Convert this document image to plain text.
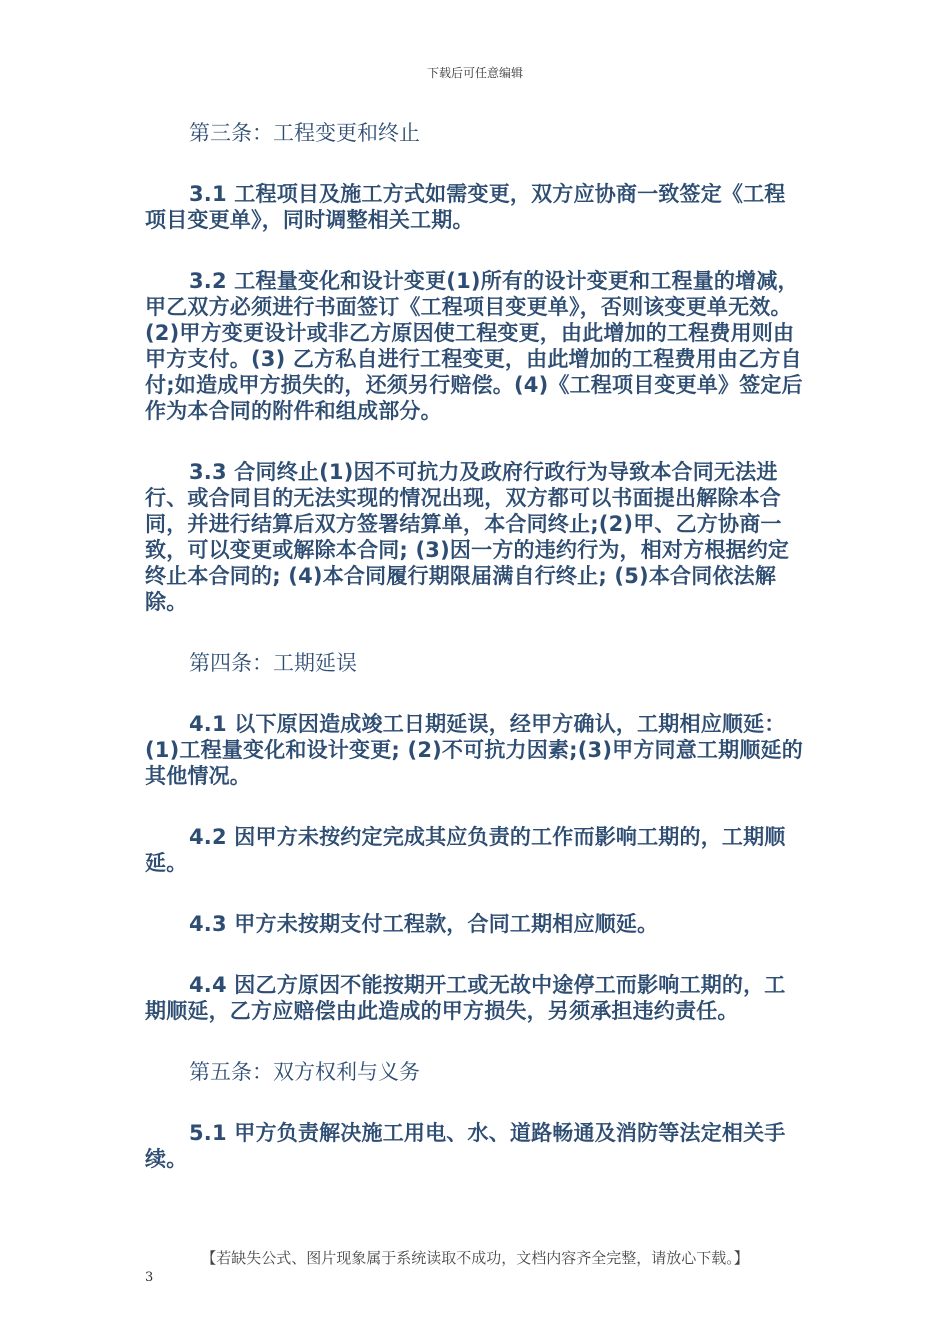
下载后可任意编辑

第三条：工程变更和终止

3.1 工程项目及施工方式如需变更，双方应协商一致签定《工程项目变更单》，同时调整相关工期。

3.2 工程量变化和设计变更(1)所有的设计变更和工程量的增减，甲乙双方必须进行书面签订《工程项目变更单》，否则该变更单无效。(2)甲方变更设计或非乙方原因使工程变更，由此增加的工程费用则由甲方支付。(3) 乙方私自进行工程变更，由此增加的工程费用由乙方自付;如造成甲方损失的，还须另行赔偿。(4)《工程项目变更单》签定后作为本合同的附件和组成部分。

3.3 合同终止(1)因不可抗力及政府行政行为导致本合同无法进行、或合同目的无法实现的情况出现，双方都可以书面提出解除本合同，并进行结算后双方签署结算单，本合同终止;(2)甲、乙方协商一致，可以变更或解除本合同; (3)因一方的违约行为，相对方根据约定终止本合同的; (4)本合同履行期限届满自行终止; (5)本合同依法解除。

第四条：工期延误

4.1 以下原因造成竣工日期延误，经甲方确认，工期相应顺延：(1)工程量变化和设计变更; (2)不可抗力因素;(3)甲方同意工期顺延的其他情况。

4.2 因甲方未按约定完成其应负责的工作而影响工期的，工期顺延。

4.3 甲方未按期支付工程款，合同工期相应顺延。

4.4 因乙方原因不能按期开工或无故中途停工而影响工期的，工期顺延，乙方应赔偿由此造成的甲方损失，另须承担违约责任。

第五条：双方权利与义务

5.1 甲方负责解决施工用电、水、道路畅通及消防等法定相关手续。

【若缺失公式、图片现象属于系统读取不成功，文档内容齐全完整，请放心下载。】
3
